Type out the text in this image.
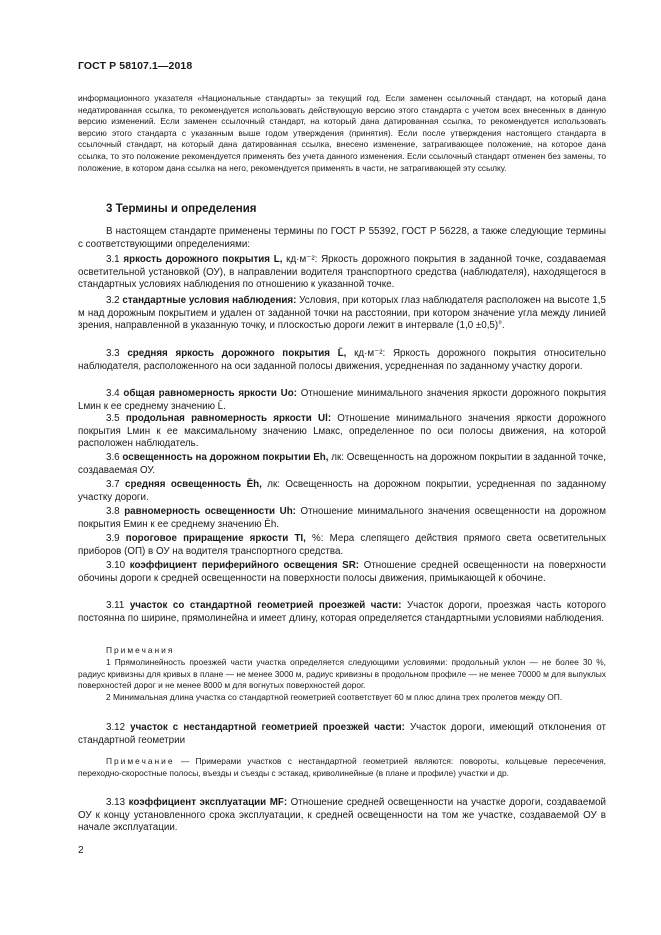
ГОСТ Р 58107.1—2018

информационного указателя «Национальные стандарты» за текущий год. Если заменен ссылочный стандарт, на который дана недатированная ссылка, то рекомендуется использовать действующую версию этого стандарта с учетом всех внесенных в данную версию изменений. Если заменен ссылочный стандарт, на который дана датированная ссылка, то рекомендуется использовать версию этого стандарта с указанным выше годом утверждения (принятия). Если после утверждения настоящего стандарта в ссылочный стандарт, на который дана датированная ссылка, внесено изменение, затрагивающее положение, на которое дана ссылка, то это положение рекомендуется применять без учета данного изменения. Если ссылочный стандарт отменен без замены, то положение, в котором дана ссылка на него, рекомендуется применять в части, не затрагивающей эту ссылку.

3 Термины и определения

В настоящем стандарте применены термины по ГОСТ Р 55392, ГОСТ Р 56228, а также следующие термины с соответствующими определениями:

3.1 яркость дорожного покрытия L, кд·м⁻²: Яркость дорожного покрытия в заданной точке, создаваемая осветительной установкой (ОУ), в направлении водителя транспортного средства (наблюдателя), находящегося в стандартных условиях наблюдения по отношению к указанной точке.

3.2 стандартные условия наблюдения: Условия, при которых глаз наблюдателя расположен на высоте 1,5 м над дорожным покрытием и удален от заданной точки на расстоянии, при котором значение угла между линией зрения, направленной в указанную точку, и плоскостью дороги лежит в интервале (1,0 ±0,5)°.

3.3 средняя яркость дорожного покрытия L̄, кд·м⁻²: Яркость дорожного покрытия относительно наблюдателя, расположенного на оси заданной полосы движения, усредненная по заданному участку дороги.

3.4 общая равномерность яркости Uo: Отношение минимального значения яркости дорожного покрытия Lмин к ее среднему значению L̄.

3.5 продольная равномерность яркости Ul: Отношение минимального значения яркости дорожного покрытия Lмин к ее максимальному значению Lмакс, определенное по оси полосы движения, на которой расположен наблюдатель.

3.6 освещенность на дорожном покрытии Eh, лк: Освещенность на дорожном покрытии в заданной точке, создаваемая ОУ.

3.7 средняя освещенность Ēh, лк: Освещенность на дорожном покрытии, усредненная по заданному участку дороги.

3.8 равномерность освещенности Uh: Отношение минимального значения освещенности на дорожном покрытия Eмин к ее среднему значению Ēh.

3.9 пороговое приращение яркости TI, %: Мера слепящего действия прямого света осветительных приборов (ОП) в ОУ на водителя транспортного средства.

3.10 коэффициент периферийного освещения SR: Отношение средней освещенности на поверхности обочины дороги к средней освещенности на поверхности полосы движения, примыкающей к обочине.

3.11 участок со стандартной геометрией проезжей части: Участок дороги, проезжая часть которого постоянна по ширине, прямолинейна и имеет длину, которая определяется стандартными условиями наблюдения.

Примечания

1 Прямолинейность проезжей части участка определяется следующими условиями: продольный уклон — не более 30 %, радиус кривизны для кривых в плане — не менее 3000 м, радиус кривизны в продольном профиле — не менее 70000 м для выпуклых поверхностей дорог и не менее 8000 м для вогнутых поверхностей дорог.

2 Минимальная длина участка со стандартной геометрией соответствует 60 м плюс длина трех пролетов между ОП.

3.12 участок с нестандартной геометрией проезжей части: Участок дороги, имеющий отклонения от стандартной геометрии

Примечание — Примерами участков с нестандартной геометрией являются: повороты, кольцевые пересечения, переходно-скоростные полосы, въезды и съезды с эстакад, криволинейные (в плане и профиле) участки и др.

3.13 коэффициент эксплуатации MF: Отношение средней освещенности на участке дороги, создаваемой ОУ к концу установленного срока эксплуатации, к средней освещенности на том же участке, создаваемой ОУ в начале эксплуатации.

2
